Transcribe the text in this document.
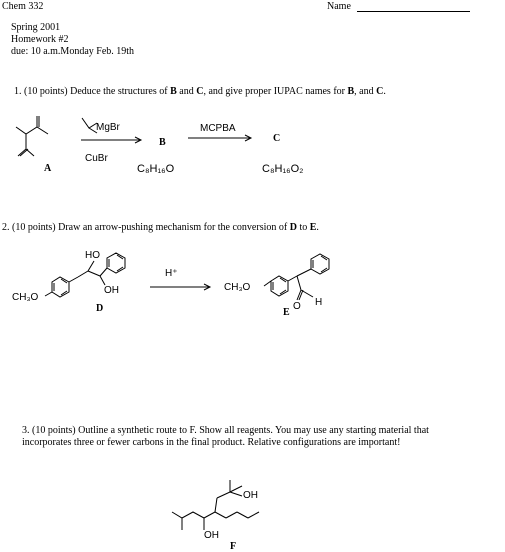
Chem 332	Name
Spring 2001
Homework #2
due: 10 a.m.Monday Feb. 19th
1. (10 points) Deduce the structures of B and C, and give proper IUPAC names for B, and C.
A
MgBr
CuBr
B
MCPBA
C
C₈H₁₆O	C₈H₁₆O₂
2. (10 points) Draw an arrow-pushing mechanism for the conversion of D to E.
HO
OH
CH₃O
D
H⁺
CH₃O
E
O H
3. (10 points) Outline a synthetic route to F. Show all reagents. You may use any starting material that
incorporates three or fewer carbons in the final product. Relative configurations are important!
OH
OH
F
